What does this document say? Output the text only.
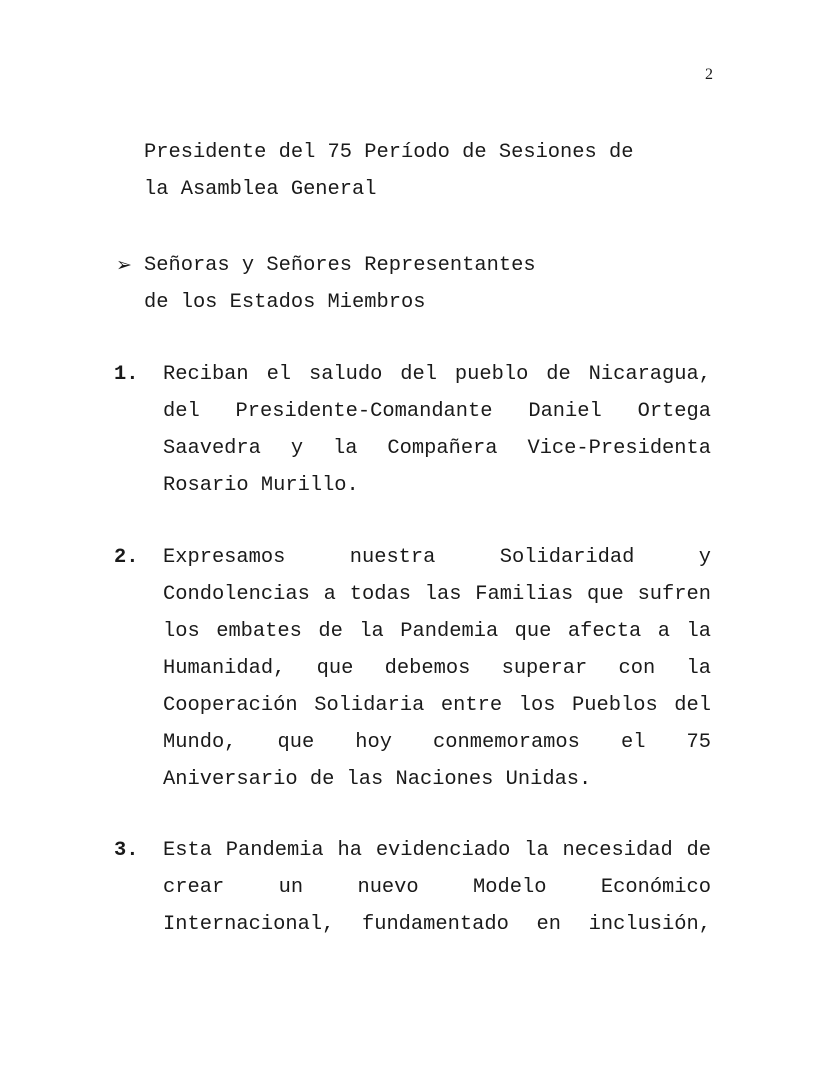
2
Presidente del 75 Período de Sesiones de
la Asamblea General
➢ Señoras y Señores Representantes
de los Estados Miembros
1. Reciban el saludo del pueblo de Nicaragua, del Presidente-Comandante Daniel Ortega Saavedra y la Compañera Vice-Presidenta Rosario Murillo.
2. Expresamos nuestra Solidaridad y Condolencias a todas las Familias que sufren los embates de la Pandemia que afecta a la Humanidad, que debemos superar con la Cooperación Solidaria entre los Pueblos del Mundo, que hoy conmemoramos el 75 Aniversario de las Naciones Unidas.
3. Esta Pandemia ha evidenciado la necesidad de crear un nuevo Modelo Económico Internacional, fundamentado en inclusión,
